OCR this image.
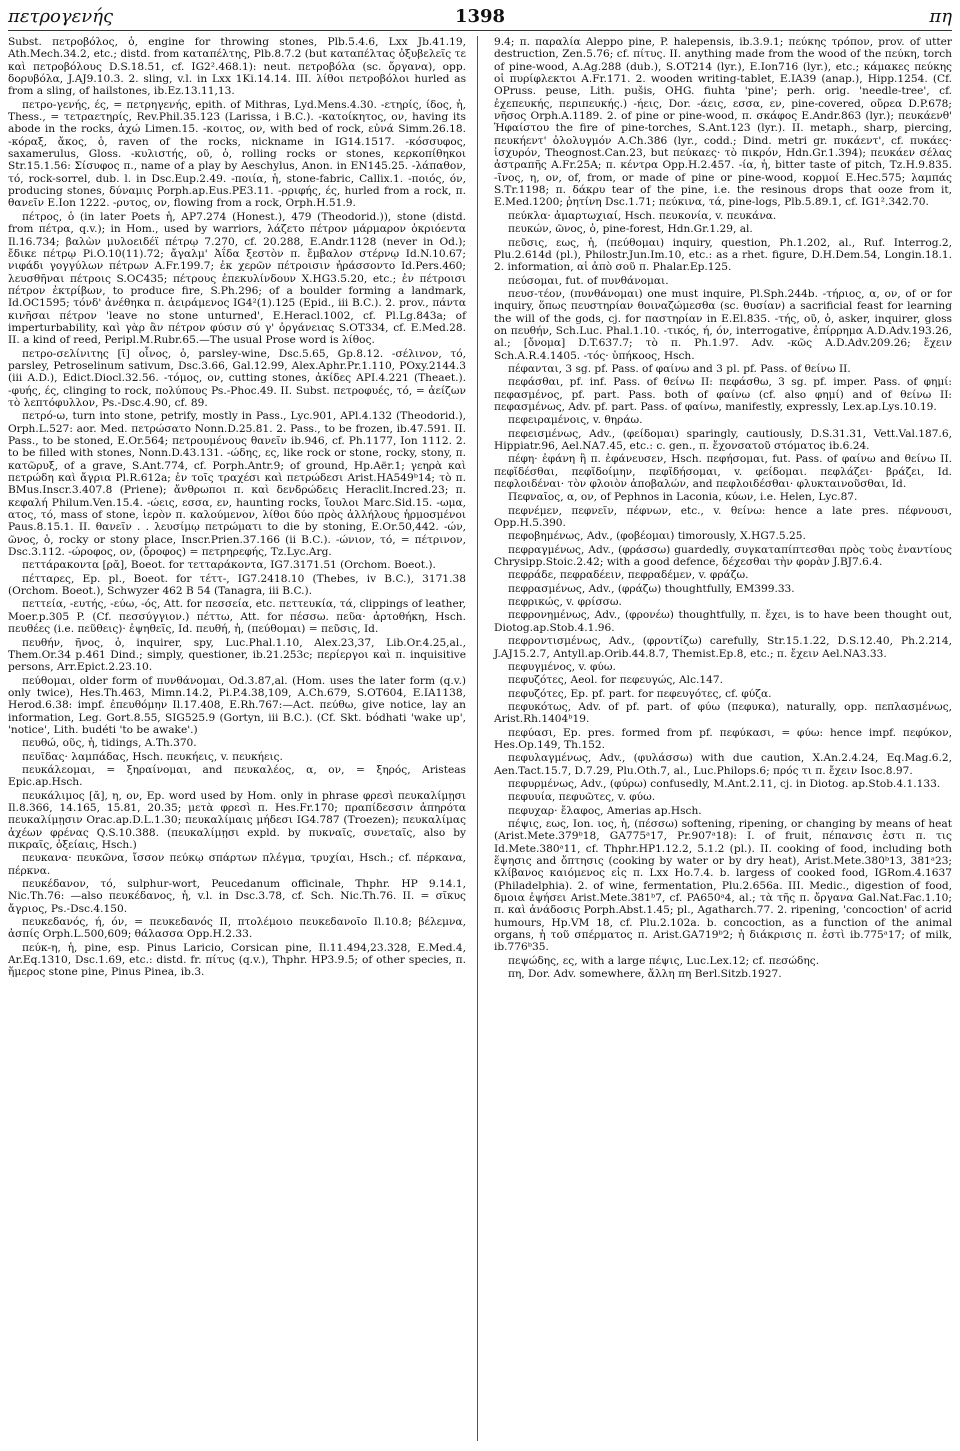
πετρογενής	1398	πη

Subst. πετροβόλος, ὁ, engine for throwing stones, Plb.5.4.6, Lxx Jb.41.19, Ath.Mech.34.2, etc.; distd. from καταπέλτης, Plb.8.7.2 (but καταπέλτας ὀξυβελεῖς τε καὶ πετροβόλους D.S.18.51, cf. IG2².468.1): neut. πετροβόλα (sc. ὄργανα), opp. δορυβόλα, J.AJ9.10.3. 2. sling, v.l. in Lxx 1Ki.14.14. III. λίθοι πετροβόλοι hurled as from a sling, of hailstones, ib.Ez.13.11,13.

πετρο-γενής, ές, = πετρηγενής, epith. of Mithras, Lyd.Mens.4.30. -ετηρίς, ίδος, ἡ, Thess., = τετραετηρίς, Rev.Phil.35.123 (Larissa, i B.C.). -κατοίκητος, ον, having its abode in the rocks, ἀχώ Limen.15. -κοιτος, ον, with bed of rock, εὐνά Simm.26.18. -κόραξ, ἄκος, ὁ, raven of the rocks, nickname in IG14.1517. -κόσσυφος, saxamerulus, Gloss. -κυλιστής, οῦ, ὁ, rolling rocks or stones, κερκοπίθηκοι Str.15.1.56: Σίσυφος π., name of a play by Aeschylus, Anon. in EN145.25. -λάπαθον, τό, rock-sorrel, dub. l. in Dsc.Eup.2.49. -ποιία, ἡ, stone-fabric, Callix.1. -ποιός, όν, producing stones, δύναμις Porph.ap.Eus.PE3.11. -ρριφής, ές, hurled from a rock, π. θανεῖν E.Ion 1222. -ρυτος, ον, flowing from a rock, Orph.H.51.9.

πέτρος, ὁ (in later Poets ἡ, AP7.274 (Honest.), 479 (Theodorid.)), stone (distd. from πέτρα, q.v.); in Hom., used by warriors, λάζετο πέτρον μάρμαρον ὀκριόεντα Il.16.734; βαλὼν μυλοειδέϊ πέτρῳ 7.270, cf. 20.288, E.Andr.1128 (never in Od.); ἔδικε πέτρῳ Pi.O.10(11).72; ἄγαλμ' Ἀΐδα ξεστὸν π. ἔμβαλον στέρνῳ Id.N.10.67; νιφάδι γογγύλων πέτρων A.Fr.199.7; ἐκ χερῶν πέτροισιν ἠράσσοντο Id.Pers.460; λευσθῆναι πέτροις S.OC435; πέτρους ἐπεκυλίνδουν X.HG3.5.20, etc.; ἐν πέτροισι πέτρον ἐκτρίβων, to produce fire, S.Ph.296; of a boulder forming a landmark, Id.OC1595; τόνδ' ἀνέθηκα π. ἀειράμενος IG4²(1).125 (Epid., iii B.C.). 2. prov., πάντα κινῆσαι πέτρον 'leave no stone unturned', E.Heracl.1002, cf. Pl.Lg.843a; of imperturbability, καὶ γὰρ ἂν πέτρον φύσιν σύ γ' ὀργάνειας S.OT334, cf. E.Med.28. II. a kind of reed, Peripl.M.Rubr.65.—The usual Prose word is λίθος.

πετρο-σελίνιτης [ῑ] οἶνος, ὁ, parsley-wine, Dsc.5.65, Gp.8.12. -σέλινον, τό, parsley, Petroselinum sativum, Dsc.3.66, Gal.12.99, Alex.Aphr.Pr.1.110, POxy.2144.3 (iii A.D.), Edict.Diocl.32.56. -τόμος, ον, cutting stones, ἀκίδες API.4.221 (Theaet.). -φυής, ές, clinging to rock, πολύπους Ps.-Phoc.49. II. Subst. πετροφυές, τό, = ἀείζων τὸ λεπτόφυλλον, Ps.-Dsc.4.90, cf. 89.

πετρό-ω, turn into stone, petrify, mostly in Pass., Lyc.901, APl.4.132 (Theodorid.), Orph.L.527: aor. Med. πετρώσατο Nonn.D.25.81. 2. Pass., to be frozen, ib.47.591. II. Pass., to be stoned, E.Or.564; πετρουμένους θανεῖν ib.946, cf. Ph.1177, Ion 1112. 2. to be filled with stones, Nonn.D.43.131. -ώδης, ες, like rock or stone, rocky, stony, π. κατῶρυξ, of a grave, S.Ant.774, cf. Porph.Antr.9; of ground, Hp.Aër.1; γεηρὰ καὶ πετρώδη καὶ ἄγρια Pl.R.612a; ἐν τοῖς τραχέσι καὶ πετρώδεσι Arist.HA549ᵇ14; τὸ π. BMus.Inscr.3.407.8 (Priene); ἄνθρωποι π. καὶ δενδρώδεις Heraclit.Incred.23; π. κεφαλή Philum.Ven.15.4. -ώεις, εσσα, εν, haunting rocks, ἴουλοι Marc.Sid.15. -ωμα, ατος, τό, mass of stone, ἱερὸν π. καλούμενον, λίθοι δύο πρὸς ἀλλήλους ἡρμοσμένοι Paus.8.15.1. II. θανεῖν . . λευσίμῳ πετρώματι to die by stoning, E.Or.50,442. -ών, ῶνος, ὁ, rocky or stony place, Inscr.Prien.37.166 (ii B.C.). -ώνιον, τό, = πέτρινον, Dsc.3.112. -ώροφος, ον, (ὄροφος) = πετρηρεφής, Tz.Lyc.Arg.

πεττάρακοντα [ρᾰ], Boeot. for τετταράκοντα, IG7.3171.51 (Orchom. Boeot.).

πέτταρες, Ep. pl., Boeot. for τέττ-, IG7.2418.10 (Thebes, iv B.C.), 3171.38 (Orchom. Boeot.), Schwyzer 462 B 54 (Tanagra, iii B.C.).

πεττεία, -ευτής, -εύω, -ός, Att. for πεσσεία, etc. πεττευκία, τά, clippings of leather, Moer.p.305 P. (Cf. πεσσύγγιον.) πέττω, Att. for πέσσω. πεῦα· ἀρτοθήκη, Hsch. πευθέες (i.e. πεῦθεις)· ἐψηθεῖς, Id. πευθή, ἡ, (πεύθομαι) = πεῦσις, Id.

πευθήν, ῆνος, ὁ, inquirer, spy, Luc.Phal.1.10, Alex.23,37, Lib.Or.4.25,al., Them.Or.34 p.461 Dind.; simply, questioner, ib.21.253c; περίεργοι καὶ π. inquisitive persons, Arr.Epict.2.23.10.

πεύθομαι, older form of πυνθάνομαι, Od.3.87,al. (Hom. uses the later form (q.v.) only twice), Hes.Th.463, Mimn.14.2, Pi.P.4.38,109, A.Ch.679, S.OT604, E.IA1138, Herod.6.38: impf. ἐπευθόμην Il.17.408, E.Rh.767:—Act. πεύθω, give notice, lay an information, Leg. Gort.8.55, SIG525.9 (Gortyn, iii B.C.). (Cf. Skt. bódhati 'wake up', 'notice', Lith. budéti 'to be awake'.)

πευθώ, οῦς, ἡ, tidings, A.Th.370.

πευῖδας· λαμπάδας, Hsch. πευκήεις, v. πευκήεις.

πευκάλεομαι, = ξηραίνομαι, and πευκαλέος, α, ον, = ξηρός, Aristeas Epic.ap.Hsch.

πευκάλιμος [ᾰ], η, ον, Ep. word used by Hom. only in phrase φρεσὶ πευκαλίμῃσι Il.8.366, 14.165, 15.81, 20.35; μετὰ φρεσὶ π. Hes.Fr.170; πραπίδεσσιν ἀπηρότα πευκαλίμῃσιν Orac.ap.D.L.1.30; πευκαλίμαις μήδεσι IG4.787 (Troezen); πευκαλίμας ἀχέων φρένας Q.S.10.388. (πευκαλίμῃσι expld. by πυκναῖς, συνεταῖς, also by πικραῖς, ὀξείαις, Hsch.)

πευκανα· πευκῶνα, ἴσσον πεύκῳ σπάρτων πλέγμα, τρυχίαι, Hsch.; cf. πέρκανα, πέρκνα.

πευκέδανον, τό, sulphur-wort, Peucedanum officinale, Thphr. HP 9.14.1, Nic.Th.76: —also πευκέδανος, ἡ, v.l. in Dsc.3.78, cf. Sch. Nic.Th.76. II. = σῖκυς ἄγριος, Ps.-Dsc.4.150.

πευκεδανός, ή, όν, = πευκεδανός II, πτολέμοιο πευκεδανοῖο Il.10.8; βέλεμνα, ἀσπίς Orph.L.500,609; θάλασσα Opp.H.2.33.

πεύκ-η, ἡ, pine, esp. Pinus Laricio, Corsican pine, Il.11.494,23.328, E.Med.4, Ar.Eq.1310, Dsc.1.69, etc.: distd. fr. πίτυς (q.v.), Thphr. HP3.9.5; of other species, π. ἥμερος stone pine, Pinus Pinea, ib.3.

9.4; π. παραλία Aleppo pine, P. halepensis, ib.3.9.1; πεύκης τρόπον, prov. of utter destruction, Zen.5.76; cf. πίτυς. II. anything made from the wood of the πεύκη, torch of pine-wood, A.Ag.288 (dub.), S.OT214 (lyr.), E.Ion716 (lyr.), etc.; κάμακες πεύκης οἱ πυρίφλεκτοι A.Fr.171. 2. wooden writing-tablet, E.IA39 (anap.), Hipp.1254. (Cf. OPruss. peuse, Lith. pušis, OHG. fiuhta 'pine'; perh. orig. 'needle-tree', cf. ἐχεπευκής, περιπευκής.) -ήεις, Dor. -άεις, εσσα, εν, pine-covered, οὔρεα D.P.678; νῆσος Orph.A.1189. 2. of pine or pine-wood, π. σκάφος E.Andr.863 (lyr.); πευκάενθ' Ἡφαίστου the fire of pine-torches, S.Ant.123 (lyr.). II. metaph., sharp, piercing, πευκήεντ' ὀλολυγμόν A.Ch.386 (lyr., codd.; Dind. metri gr. πυκάεντ', cf. πυκάες· ἰσχυρόν, Theognost.Can.23, but πεύκαες· τὸ πικρόν, Hdn.Gr.1.394); πευκάεν σέλας ἀστραπῆς A.Fr.25A; π. κέντρα Opp.H.2.457. -ία, ἡ, bitter taste of pitch, Tz.H.9.835. -ῖνος, η, ον, of, from, or made of pine or pine-wood, κορμοί E.Hec.575; λαμπάς S.Tr.1198; π. δάκρυ tear of the pine, i.e. the resinous drops that ooze from it, E.Med.1200; ῥητίνη Dsc.1.71; πεύκινα, τά, pine-logs, Plb.5.89.1, cf. IG1².342.70.

πεύκλα· ἁμαρτωχιαί, Hsch. πευκονία, v. πευκάνα.

πευκών, ῶνος, ὁ, pine-forest, Hdn.Gr.1.29, al.

πεῦσις, εως, ἡ, (πεύθομαι) inquiry, question, Ph.1.202, al., Ruf. Interrog.2, Plu.2.614d (pl.), Philostr.Jun.Im.10, etc.: as a rhet. figure, D.H.Dem.54, Longin.18.1. 2. information, αἱ ἀπὸ σοῦ π. Phalar.Ep.125.

πεύσομαι, fut. of πυνθάνομαι.

πευσ-τέον, (πυνθάνομαι) one must inquire, Pl.Sph.244b. -τήριος, α, ον, of or for inquiry, ὅπως πευστηρίαν θοιναζώμεσθα (sc. θυσίαν) a sacrificial feast for learning the will of the gods, cj. for παστηρίαν in E.El.835. -τής, οῦ, ὁ, asker, inquirer, gloss on πευθήν, Sch.Luc. Phal.1.10. -τικός, ή, όν, interrogative, ἐπίρρημα A.D.Adv.193.26, al.; [ὄνομα] D.T.637.7; τὸ π. Ph.1.97. Adv. -κῶς A.D.Adv.209.26; ἔχειν Sch.A.R.4.1405. -τός· ὑπήκοος, Hsch.

πέφανται, 3 sg. pf. Pass. of φαίνω and 3 pl. pf. Pass. of θείνω II.

πεφάσθαι, pf. inf. Pass. of θείνω II: πεφάσθω, 3 sg. pf. imper. Pass. of φημί: πεφασμένος, pf. part. Pass. both of φαίνω (cf. also φημί) and of θείνω II: πεφασμένως, Adv. pf. part. Pass. of φαίνω, manifestly, expressly, Lex.ap.Lys.10.19.

πεφειραμένοις, v. θηράω.

πεφεισμένως, Adv., (φείδομαι) sparingly, cautiously, D.S.31.31, Vett.Val.187.6, Hippiatr.96, Ael.NA7.45, etc.: c. gen., π. ἔχονσατοῦ στόματος ib.6.24.

πέφη· ἐφάνη ἢ π. ἐφάνευσεν, Hsch. πεφήσομαι, fut. Pass. of φαίνω and θείνω II. πεφῐδέσθαι, πεφῐδοίμην, πεφῐδήσομαι, v. φείδομαι. πεφλάζει· βράζει, Id. πεφλοιδέναι· τὸν φλοιὸν ἀποβαλών, and πεφλοιδέσθαι· φλυκταινοῦσθαι, Id.

Πεφναῖος, α, ον, of Pephnos in Laconia, κύων, i.e. Helen, Lyc.87.

πεφνέμεν, πεφνεῖν, πέφνων, etc., v. θείνω: hence a late pres. πέφνουσι, Opp.H.5.390.

πεφοβημένως, Adv., (φοβέομαι) timorously, X.HG7.5.25.

πεφραγμένως, Adv., (φράσσω) guardedly, συγκαταπίπτεσθαι πρὸς τοὺς ἐναντίους Chrysipp.Stoic.2.42; with a good defence, δέχεσθαι τὴν φορὰν J.BJ7.6.4.

πεφράδε, πεφραδέειν, πεφραδέμεν, v. φράζω.

πεφρασμένως, Adv., (φράζω) thoughtfully, EM399.33.

πεφρικώς, v. φρίσσω.

πεφρονημένως, Adv., (φρονέω) thoughtfully, π. ἔχει, is to have been thought out, Diotog.ap.Stob.4.1.96.

πεφροντισμένως, Adv., (φροντίζω) carefully, Str.15.1.22, D.S.12.40, Ph.2.214, J.AJ15.2.7, Antyll.ap.Orib.44.8.7, Themist.Ep.8, etc.; π. ἔχειν Ael.NA3.33.

πεφυγμένος, v. φύω.

πεφυζότες, Aeol. for πεφευγώς, Alc.147.

πεφυζότες, Ep. pf. part. for πεφευγότες, cf. φύζα.

πεφυκότως, Adv. of pf. part. of φύω (πεφυκα), naturally, opp. πεπλασμένως, Arist.Rh.1404ᵇ19.

πεφύασι, Ep. pres. formed from pf. πεφύκασι, = φύω: hence impf. πεφύκον, Hes.Op.149, Th.152.

πεφυλαγμένως, Adv., (φυλάσσω) with due caution, X.An.2.4.24, Eq.Mag.6.2, Aen.Tact.15.7, D.7.29, Plu.Oth.7, al., Luc.Philops.6; πρός τι π. ἔχειν Isoc.8.97.

πεφυρμένως, Adv., (φύρω) confusedly, M.Ant.2.11, cj. in Diotog. ap.Stob.4.1.133.

πεφυυία, πεφυῶτες, v. φύω.

πεφυχαρ· ἔλαφος, Amerias ap.Hsch.

πέψις, εως, Ion. ιος, ἡ, (πέσσω) softening, ripening, or changing by means of heat (Arist.Mete.379ᵇ18, GA775ᵃ17, Pr.907ᵃ18): I. of fruit, πέπανσις ἐστι π. τις Id.Mete.380ᵃ11, cf. Thphr.HP1.12.2, 5.1.2 (pl.). II. cooking of food, including both ἕψησις and ὄπτησις (cooking by water or by dry heat), Arist.Mete.380ᵇ13, 381ᵃ23; κλίβανος καιόμενος εἰς π. Lxx Ho.7.4. b. largess of cooked food, IGRom.4.1637 (Philadelphia). 2. of wine, fermentation, Plu.2.656a. III. Medic., digestion of food, δμοια ἐψήσει Arist.Mete.381ᵇ7, cf. PA650ᵃ4, al.; τὰ τῆς π. ὄργανα Gal.Nat.Fac.1.10; π. καὶ ἀνάδοσις Porph.Abst.1.45; pl., Agatharch.77. 2. ripening, 'concoction' of acrid humours, Hp.VM 18, cf. Plu.2.102a. b. concoction, as a function of the animal organs, ἡ τοῦ σπέρματος π. Arist.GA719ᵇ2; ἡ διάκρισις π. ἐστὶ ib.775ᵃ17; of milk, ib.776ᵇ35.

πεψώδης, ες, with a large πέψις, Luc.Lex.12; cf. πεσώδης.

πη, Dor. Adv. somewhere, ἄλλη πη Berl.Sitzb.1927.
